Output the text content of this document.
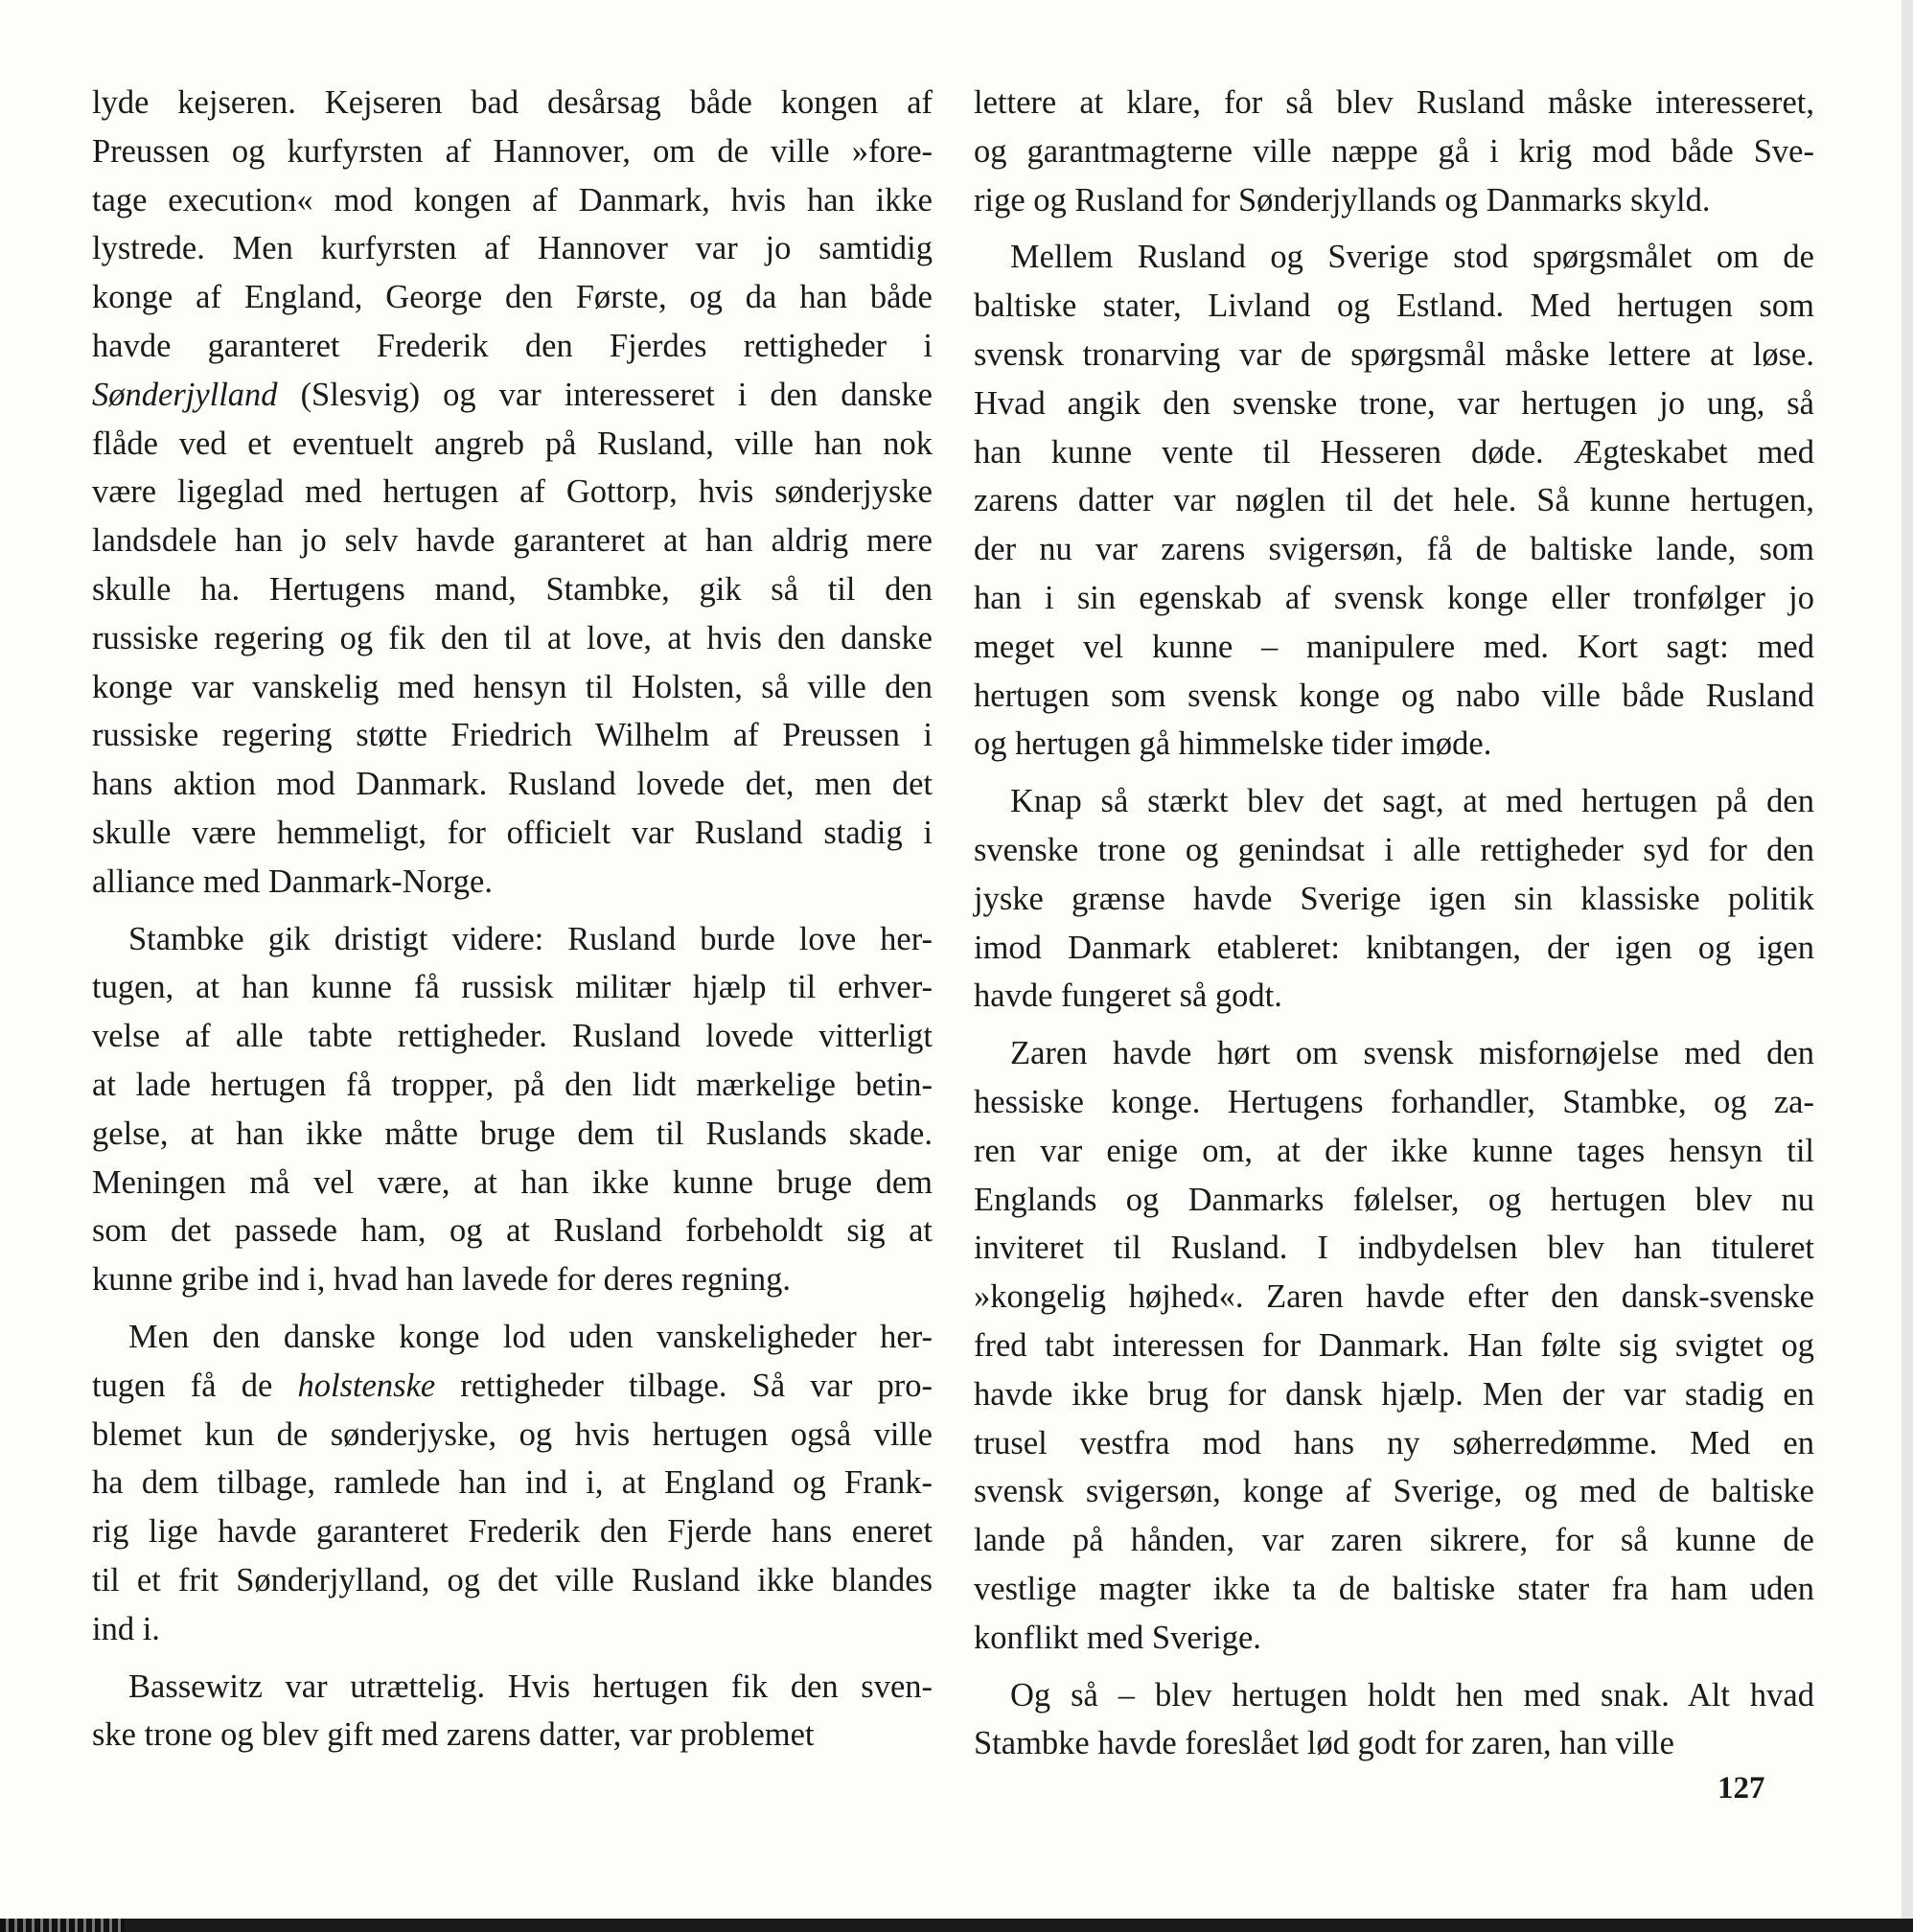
lyde kejseren. Kejseren bad desårsag både kongen af
Preussen og kurfyrsten af Hannover, om de ville »fore-
tage execution« mod kongen af Danmark, hvis han ikke
lystrede. Men kurfyrsten af Hannover var jo samtidig
konge af England, George den Første, og da han både
havde garanteret Frederik den Fjerdes rettigheder i
Sønderjylland (Slesvig) og var interesseret i den danske
flåde ved et eventuelt angreb på Rusland, ville han nok
være ligeglad med hertugen af Gottorp, hvis sønderjyske
landsdele han jo selv havde garanteret at han aldrig mere
skulle ha. Hertugens mand, Stambke, gik så til den
russiske regering og fik den til at love, at hvis den danske
konge var vanskelig med hensyn til Holsten, så ville den
russiske regering støtte Friedrich Wilhelm af Preussen i
hans aktion mod Danmark. Rusland lovede det, men det
skulle være hemmeligt, for officielt var Rusland stadig i
alliance med Danmark-Norge.
Stambke gik dristigt videre: Rusland burde love her-
tugen, at han kunne få russisk militær hjælp til erhver-
velse af alle tabte rettigheder. Rusland lovede vitterligt
at lade hertugen få tropper, på den lidt mærkelige betin-
gelse, at han ikke måtte bruge dem til Ruslands skade.
Meningen må vel være, at han ikke kunne bruge dem
som det passede ham, og at Rusland forbeholdt sig at
kunne gribe ind i, hvad han lavede for deres regning.
Men den danske konge lod uden vanskeligheder her-
tugen få de holstenske rettigheder tilbage. Så var pro-
blemet kun de sønderjyske, og hvis hertugen også ville
ha dem tilbage, ramlede han ind i, at England og Frank-
rig lige havde garanteret Frederik den Fjerde hans eneret
til et frit Sønderjylland, og det ville Rusland ikke blandes
ind i.
Bassewitz var utrættelig. Hvis hertugen fik den sven-
ske trone og blev gift med zarens datter, var problemet
lettere at klare, for så blev Rusland måske interesseret,
og garantmagterne ville næppe gå i krig mod både Sve-
rige og Rusland for Sønderjyllands og Danmarks skyld.
Mellem Rusland og Sverige stod spørgsmålet om de
baltiske stater, Livland og Estland. Med hertugen som
svensk tronarving var de spørgsmål måske lettere at løse.
Hvad angik den svenske trone, var hertugen jo ung, så
han kunne vente til Hesseren døde. Ægteskabet med
zarens datter var nøglen til det hele. Så kunne hertugen,
der nu var zarens svigersøn, få de baltiske lande, som
han i sin egenskab af svensk konge eller tronfølger jo
meget vel kunne – manipulere med. Kort sagt: med
hertugen som svensk konge og nabo ville både Rusland
og hertugen gå himmelske tider imøde.
Knap så stærkt blev det sagt, at med hertugen på den
svenske trone og genindsat i alle rettigheder syd for den
jyske grænse havde Sverige igen sin klassiske politik
imod Danmark etableret: knibtangen, der igen og igen
havde fungeret så godt.
Zaren havde hørt om svensk misfornøjelse med den
hessiske konge. Hertugens forhandler, Stambke, og za-
ren var enige om, at der ikke kunne tages hensyn til
Englands og Danmarks følelser, og hertugen blev nu
inviteret til Rusland. I indbydelsen blev han tituleret
»kongelig højhed«. Zaren havde efter den dansk-svenske
fred tabt interessen for Danmark. Han følte sig svigtet og
havde ikke brug for dansk hjælp. Men der var stadig en
trusel vestfra mod hans ny søherredømme. Med en
svensk svigersøn, konge af Sverige, og med de baltiske
lande på hånden, var zaren sikrere, for så kunne de
vestlige magter ikke ta de baltiske stater fra ham uden
konflikt med Sverige.
Og så – blev hertugen holdt hen med snak. Alt hvad
Stambke havde foreslået lød godt for zaren, han ville
127
